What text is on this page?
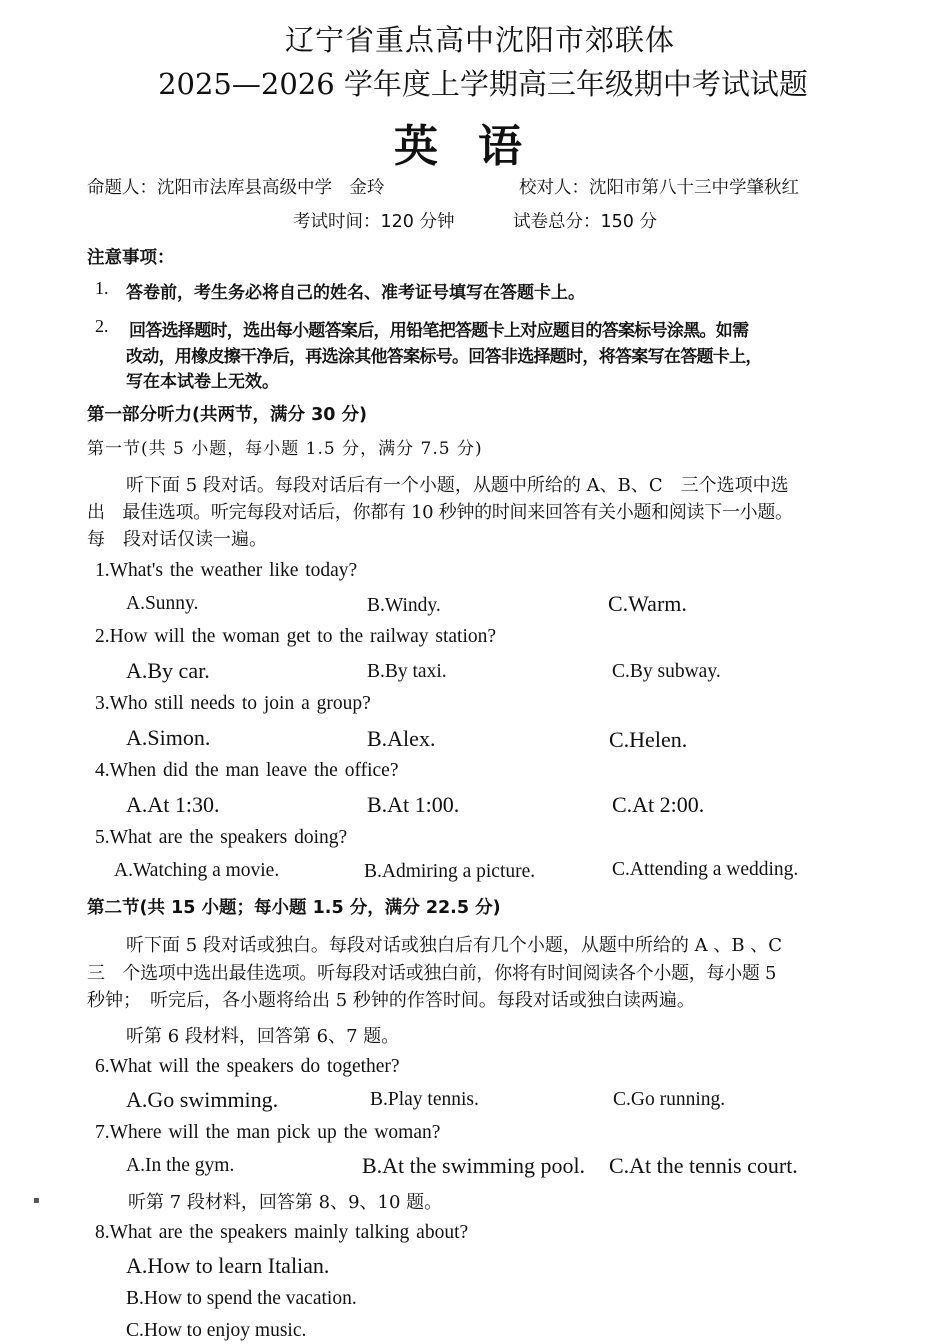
辽宁省重点高中沈阳市郊联体
2025—2026 学年度上学期高三年级期中考试试题
英语
命题人：沈阳市法库县高级中学　金玲	校对人：沈阳市第八十三中学肇秋红
考试时间：120 分钟	试卷总分：150 分
注意事项：
1. 答卷前，考生务必将自己的姓名、准考证号填写在答题卡上。
2. 回答选择题时，选出每小题答案后，用铅笔把答题卡上对应题目的答案标号涂黑。如需
改动，用橡皮擦干净后，再选涂其他答案标号。回答非选择题时，将答案写在答题卡上，
写在本试卷上无效。
第一部分听力(共两节，满分 30 分)
第一节(共 5 小题，每小题 1.5 分，满分 7.5 分)
听下面 5 段对话。每段对话后有一个小题，从题中所给的 A、B、C　三个选项中选
出　最佳选项。听完每段对话后，你都有 10 秒钟的时间来回答有关小题和阅读下一小题。
每　段对话仅读一遍。
1.What's the weather like today?
A.Sunny.	B.Windy.	C.Warm.
2.How will the woman get to the railway station?
A.By car.	B.By taxi.	C.By subway.
3.Who still needs to join a group?
A.Simon.	B.Alex.	C.Helen.
4.When did the man leave the office?
A.At 1:30.	B.At 1:00.	C.At 2:00.
5.What are the speakers doing?
A.Watching a movie.	B.Admiring a picture.	C.Attending a wedding.
第二节(共 15 小题；每小题 1.5 分，满分 22.5 分)
听下面 5 段对话或独白。每段对话或独白后有几个小题，从题中所给的 A 、B 、C
三　个选项中选出最佳选项。听每段对话或独白前，你将有时间阅读各个小题，每小题 5
秒钟；　听完后，各小题将给出 5 秒钟的作答时间。每段对话或独白读两遍。
听第 6 段材料，回答第 6、7 题。
6.What will the speakers do together?
A.Go swimming.	B.Play tennis.	C.Go running.
7.Where will the man pick up the woman?
A.In the gym.	B.At the swimming pool. C.At the tennis court.
▪	听第 7 段材料，回答第 8、9、10 题。
8.What are the speakers mainly talking about?
A.How to learn Italian.
B.How to spend the vacation.
C.How to enjoy music.
